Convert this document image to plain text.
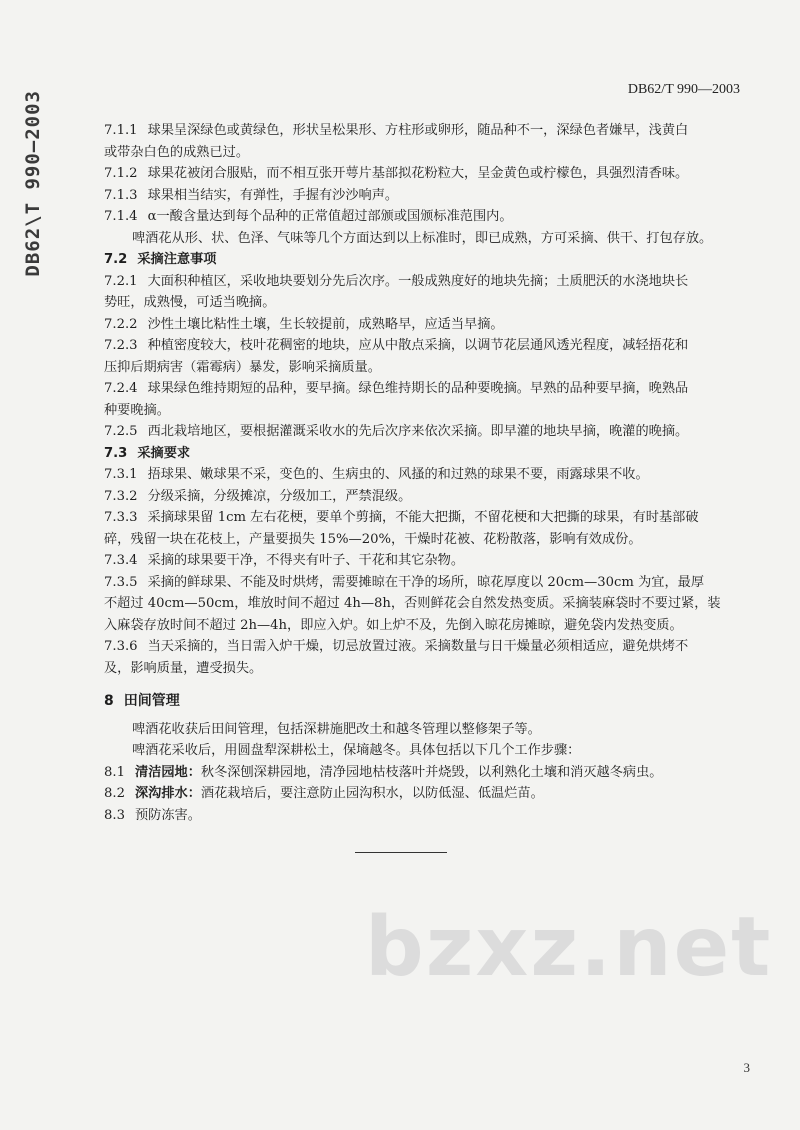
DB62\T 990—2003
DB62/T 990—2003

7.1.1 球果呈深绿色或黄绿色，形状呈松果形、方柱形或卵形，随品种不一，深绿色者嫌早，浅黄白

或带杂白色的成熟已过。

7.1.2 球果花被闭合服贴，而不相互张开萼片基部拟花粉粒大，呈金黄色或柠檬色，具强烈清香味。

7.1.3 球果相当结实，有弹性，手握有沙沙响声。

7.1.4 α一酸含量达到每个品种的正常值超过部颁或国颁标准范围内。

啤酒花从形、状、色泽、气味等几个方面达到以上标准时，即已成熟，方可采摘、供干、打包存放。

7.2 采摘注意事项

7.2.1 大面积种植区，采收地块要划分先后次序。一般成熟度好的地块先摘；土质肥沃的水浇地块长

势旺，成熟慢，可适当晚摘。

7.2.2 沙性土壤比粘性土壤，生长较提前，成熟略早，应适当早摘。

7.2.3 种植密度较大，枝叶花稠密的地块，应从中散点采摘，以调节花层通风透光程度，减轻捂花和

压抑后期病害（霜霉病）暴发，影响采摘质量。

7.2.4 球果绿色维持期短的品种，要早摘。绿色维持期长的品种要晚摘。早熟的品种要早摘，晚熟品

种要晚摘。

7.2.5 西北栽培地区，要根据灌溉采收水的先后次序来依次采摘。即早灌的地块早摘，晚灌的晚摘。

7.3 采摘要求

7.3.1 捂球果、嫩球果不采，变色的、生病虫的、风搔的和过熟的球果不要，雨露球果不收。

7.3.2 分级采摘，分级摊凉，分级加工，严禁混级。

7.3.3 采摘球果留 1cm 左右花梗，要单个剪摘，不能大把撕，不留花梗和大把撕的球果，有时基部破

碎，残留一块在花枝上，产量要损失 15%—20%，干燥时花被、花粉散落，影响有效成份。

7.3.4 采摘的球果要干净，不得夹有叶子、干花和其它杂物。

7.3.5 采摘的鲜球果、不能及时烘烤，需要摊晾在干净的场所，晾花厚度以 20cm—30cm 为宜，最厚

不超过 40cm—50cm，堆放时间不超过 4h—8h，否则鲜花会自然发热变质。采摘装麻袋时不要过紧，装

入麻袋存放时间不超过 2h—4h，即应入炉。如上炉不及，先倒入晾花房摊晾，避免袋内发热变质。

7.3.6 当天采摘的，当日需入炉干燥，切忌放置过液。采摘数量与日干燥量必须相适应，避免烘烤不

及，影响质量，遭受损失。

8 田间管理

啤酒花收获后田间管理，包括深耕施肥改土和越冬管理以整修架子等。

啤酒花采收后，用圆盘犁深耕松土，保墒越冬。具体包括以下几个工作步骤：

8.1 清洁园地：秋冬深刨深耕园地，清净园地枯枝落叶并烧毁，以利熟化土壤和消灭越冬病虫。

8.2 深沟排水：酒花栽培后，要注意防止园沟积水，以防低湿、低温烂苗。

8.3 预防冻害。

bzxz.net
3
